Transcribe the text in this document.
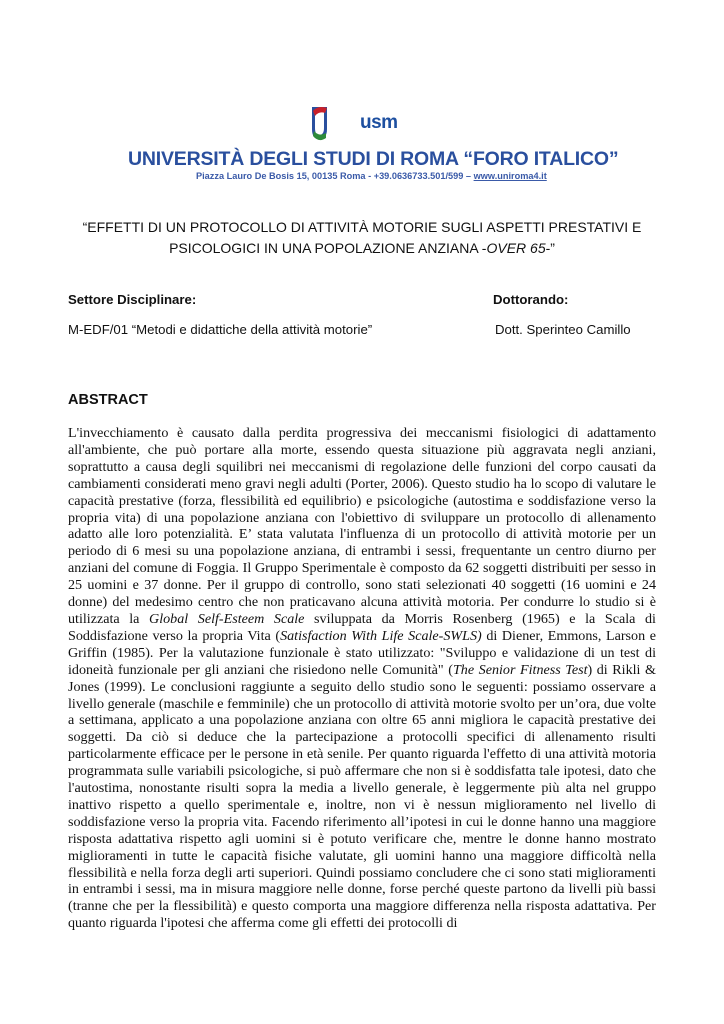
usm
UNIVERSITÀ DEGLI STUDI DI ROMA “FORO ITALICO”
Piazza Lauro De Bosis 15, 00135 Roma - +39.0636733.501/599 – www.uniroma4.it
“EFFETTI DI UN PROTOCOLLO DI ATTIVITÀ MOTORIE SUGLI ASPETTI PRESTATIVI E
PSICOLOGICI IN UNA POPOLAZIONE ANZIANA -OVER 65-”
Settore Disciplinare:	Dottorando:
M-EDF/01 “Metodi e didattiche della attività motorie”	Dott. Sperinteo Camillo
ABSTRACT
L'invecchiamento è causato dalla perdita progressiva dei meccanismi fisiologici di adattamento all'ambiente, che può portare alla morte, essendo questa situazione più aggravata negli anziani, soprattutto a causa degli squilibri nei meccanismi di regolazione delle funzioni del corpo causati da cambiamenti considerati meno gravi negli adulti (Porter, 2006). Questo studio ha lo scopo di valutare le capacità prestative (forza, flessibilità ed equilibrio) e psicologiche (autostima e soddisfazione verso la propria vita) di una popolazione anziana con l'obiettivo di sviluppare un protocollo di allenamento adatto alle loro potenzialità. E’ stata valutata l'influenza di un protocollo di attività motorie per un periodo di 6 mesi su una popolazione anziana, di entrambi i sessi, frequentante un centro diurno per anziani del comune di Foggia. Il Gruppo Sperimentale è composto da 62 soggetti distribuiti per sesso in 25 uomini e 37 donne. Per il gruppo di controllo, sono stati selezionati 40 soggetti (16 uomini e 24 donne) del medesimo centro che non praticavano alcuna attività motoria. Per condurre lo studio si è utilizzata la Global Self-Esteem Scale sviluppata da Morris Rosenberg (1965) e la Scala di Soddisfazione verso la propria Vita (Satisfaction With Life Scale-SWLS) di Diener, Emmons, Larson e Griffin (1985). Per la valutazione funzionale è stato utilizzato: "Sviluppo e validazione di un test di idoneità funzionale per gli anziani che risiedono nelle Comunità" (The Senior Fitness Test) di Rikli & Jones (1999). Le conclusioni raggiunte a seguito dello studio sono le seguenti: possiamo osservare a livello generale (maschile e femminile) che un protocollo di attività motorie svolto per un’ora, due volte a settimana, applicato a una popolazione anziana con oltre 65 anni migliora le capacità prestative dei soggetti. Da ciò si deduce che la partecipazione a protocolli specifici di allenamento risulti particolarmente efficace per le persone in età senile. Per quanto riguarda l'effetto di una attività motoria programmata sulle variabili psicologiche, si può affermare che non si è soddisfatta tale ipotesi, dato che l'autostima, nonostante risulti sopra la media a livello generale, è leggermente più alta nel gruppo inattivo rispetto a quello sperimentale e, inoltre, non vi è nessun miglioramento nel livello di soddisfazione verso la propria vita. Facendo riferimento all’ipotesi in cui le donne hanno una maggiore risposta adattativa rispetto agli uomini si è potuto verificare che, mentre le donne hanno mostrato miglioramenti in tutte le capacità fisiche valutate, gli uomini hanno una maggiore difficoltà nella flessibilità e nella forza degli arti superiori. Quindi possiamo concludere che ci sono stati miglioramenti in entrambi i sessi, ma in misura maggiore nelle donne, forse perché queste partono da livelli più bassi (tranne che per la flessibilità) e questo comporta una maggiore differenza nella risposta adattativa. Per quanto riguarda l'ipotesi che afferma come gli effetti dei protocolli di
